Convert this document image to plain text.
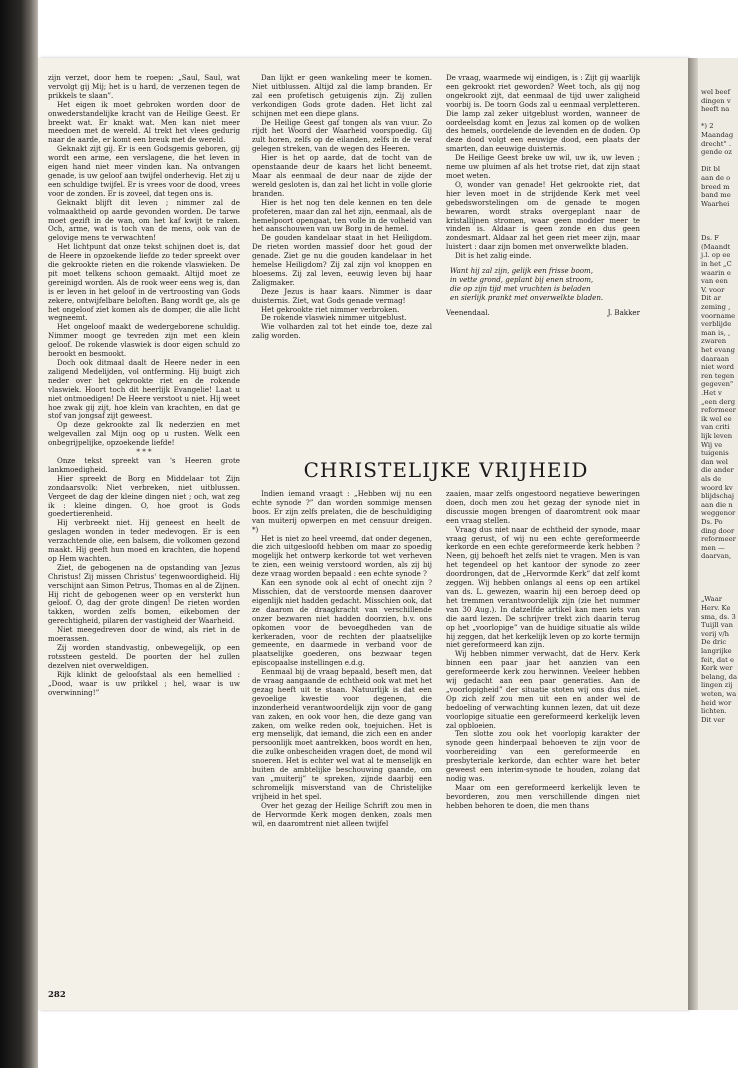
wel beef
dingen v
heeft na
*) 2
Maandag
drecht" .
gende oz
Dit bl
aan de o
breed m
band me
Waarhei
Ds. F
(Maandt
j.l. op ee
in het „C
waarin e
van een
V. voor
Dit ar
zeming ,
voorname
verblijde
man is, ,
zwaren
het evang
daaraan
niet word
ren tegen
gegeven"
.Het v
„een derg
reformeer
ik wel ee
van criti
lijk leven
Wij ve
tuigenis
dan wel
die ander
als de
woord kv
blijdschaj
aan die n
weggenor
Ds. Po
ding door
reformeer
men —
daarvan,
„Waar
Herv. Ke
sma, ds. 3
Tuijll van
verij v/h
De dric
langrijke
feit, dat e
Kerk wer
belang, da
lingen zij
weten, wa
heid wor
lichten.
Dit ver

zijn verzet, door hem te roepen: „Saul, Saul, wat vervolgt gij Mij; het is u hard, de verzenen tegen de prikkels te slaan”.

Het eigen ik moet gebroken worden door de onwederstandelijke kracht van de Heilige Geest. Er breekt wat. Er knakt wat. Men kan niet meer meedoen met de wereld. Al trekt het vlees gedurig naar de aarde, er komt een breuk met de wereld.

Geknakt zijt gij. Er is een Godsgemis geboren, gij wordt een arme, een verslagene, die het leven in eigen hand niet meer vinden kan. Na ontvangen genade, is uw geloof aan twijfel onderhevig. Het zij u een schuldige twijfel. Er is vrees voor de dood, vrees voor de zonden. Er is zoveel, dat tegen ons is.

Geknakt blijft dit leven ; nimmer zal de volmaaktheid op aarde gevonden worden. De tarwe moet gezift in de wan, om het kaf kwijt te raken. Och, arme, wat is toch van de mens, ook van de gelovige mens te verwachten!

Het lichtpunt dat onze tekst schijnen doet is, dat de Heere in opzoekende liefde zo teder spreekt over die gekrookte rieten en die rokende vlaswieken. De pit moet telkens schoon gemaakt. Altijd moet ze gereinigd worden. Als de rook weer eens weg is, dan is er leven in het geloof in de vertroosting van Gods zekere, ontwijfelbare beloften. Bang wordt ge, als ge het ongeloof ziet komen als de domper, die alle licht wegneemt.

Het ongeloof maakt de wedergeborene schuldig. Nimmer moogt ge tevreden zijn met een klein geloof. De rokende vlaswiek is door eigen schuld zo berookt en besmookt.

Doch ook ditmaal daalt de Heere neder in een zaligend Medelijden, vol ontferming. Hij buigt zich neder over het gekrookte riet en de rokende vlaswiek. Hoort toch dit heerlijk Evangelie! Laat u niet ontmoedigen! De Heere verstoot u niet. Hij weet hoe zwak gij zijt, hoe klein van krachten, en dat ge stof van jongsaf zijt geweest.

Op deze gekrookte zal Ik nederzien en met welgevallen zal Mijn oog op u rusten. Welk een onbegrijpelijke, opzoekende liefde!

* * *

Onze tekst spreekt van 's Heeren grote lankmoedigheid.

Hier spreekt de Borg en Middelaar tot Zijn zondaarsvolk: Niet verbreken, niet uitblussen. Vergeet de dag der kleine dingen niet ; och, wat zeg ik : kleine dingen. O, hoe groot is Gods goedertierenheid.

Hij verbreekt niet. Hij geneest en heelt de geslagen wonden in teder medevogen. Er is een verzachtende olie, een balsem, die volkomen gezond maakt. Hij geeft hun moed en krachten, die hopend op Hem wachten.

Ziet, de gebogenen na de opstanding van Jezus Christus! Zij missen Christus' tegenwoordigheid. Hij verschijnt aan Simon Petrus, Thomas en al de Zijnen. Hij richt de gebogenen weer op en versterkt hun geloof. O, dag der grote dingen! De rieten worden takken, worden zelfs bomen, eikebomen der gerechtigheid, pilaren der vastigheid der Waarheid.

Niet meegedreven door de wind, als riet in de moerassen.

Zij worden standvastig, onbewegelijk, op een rotssteen gesteld. De poorten der hel zullen dezelven niet overweldigen.

Rijk klinkt de geloofstaal als een hemellied : „Dood, waar is uw prikkel ; hel, waar is uw overwinning!”

Dan lijkt er geen wankeling meer te komen. Niet uitblussen. Altijd zal die lamp branden. Er zal een profetisch getuigenis zijn. Zij zullen verkondigen Gods grote daden. Het licht zal schijnen met een diepe glans.

De Heilige Geest gaf tongen als van vuur. Zo rijdt het Woord der Waarheid voorspoedig. Gij zult horen, zelfs op de eilanden, zelfs in de veraf gelegen streken, van de wegen des Heeren.

Hier is het op aarde, dat de tocht van de openstaande deur de kaars het licht beneemt. Maar als eenmaal de deur naar de zijde der wereld gesloten is, dan zal het licht in volle glorie branden.

Hier is het nog ten dele kennen en ten dele profeteren, maar dan zal het zijn, eenmaal, als de hemelpoort opengaat, ten volle in de volheid van het aanschouwen van uw Borg in de hemel.

De gouden kandelaar staat in het Heiligdom. De rieten worden massief door het goud der genade. Ziet ge nu die gouden kandelaar in het hemelse Heiligdom? Zij zal zijn vol knoppen en bloesems. Zij zal leven, eeuwig leven bij haar Zaligmaker.

Deze Jezus is haar kaars. Nimmer is daar duisternis. Ziet, wat Gods genade vermag!

Het gekrookte riet nimmer verbroken.

De rokende vlaswiek nimmer uitgeblust.

Wie volharden zal tot het einde toe, deze zal zalig worden.

De vraag, waarmede wij eindigen, is : Zijt gij waarlijk een gekrookt riet geworden? Weet toch, als gij nog ongekrookt zijt, dat eenmaal de tijd uwer zaligheid voorbij is. De toorn Gods zal u eenmaal verpletteren. Die lamp zal zeker uitgeblust worden, wanneer de oordeelsdag komt en Jezus zal komen op de wolken des hemels, oordelende de levenden en de doden. Op deze dood volgt een eeuwige dood, een plaats der smarten, dan eeuwige duisternis.

De Heilige Geest breke uw wil, uw ik, uw leven ; neme uw pluimen af als het trotse riet, dat zijn staat moet weten.

O, wonder van genade! Het gekrookte riet, dat hier leven moet in de strijdende Kerk met veel gebedsworstelingen om de genade te mogen bewaren, wordt straks overgeplant naar de kristallijnen stromen, waar geen modder meer te vinden is. Aldaar is geen zonde en dus geen zondesmart. Aldaar zal het geen riet meer zijn, maar luistert : daar zijn bomen met onverwelkte bladen.

Dit is het zalig einde.

Want hij zal zijn, gelijk een frisse boom,
in vette grond, geplant bij enen stroom,
die op zijn tijd met vruchten is beladen
en sierlijk prankt met onverwelkte bladen.

Veenendaal.	J. Bakker
CHRISTELIJKE VRIJHEID

Indien iemand vraagt : „Hebben wij nu een echte synode ?” dan worden sommige mensen boos. Er zijn zelfs prelaten, die de beschuldiging van muiterij opwerpen en met censuur dreigen. *)

Het is niet zo heel vreemd, dat onder degenen, die zich uitgesloofd hebben om maar zo spoedig mogelijk het ontwerp kerkorde tot wet verheven te zien, een weinig verstoord worden, als zij bij deze vraag worden bepaald : een echte synode ?

Kan een synode ook al echt of onecht zijn ? Misschien, dat de verstoorde mensen daarover eigenlijk niet hadden gedacht. Misschien ook, dat ze daarom de draagkracht van verschillende onzer bezwaren niet hadden doorzien, b.v. ons opkomen voor de bevoegdheden van de kerkeraden, voor de rechten der plaatselijke gemeente, en daarmede in verband voor de plaatselijke goederen, ons bezwaar tegen episcopaalse instellingen e.d.g.

Eenmaal bij de vraag bepaald, beseft men, dat de vraag aangaande de echtheid ook wat met het gezag heeft uit te staan. Natuurlijk is dat een gevoelige kwestie voor degenen, die inzonderheid verantwoordelijk zijn voor de gang van zaken, en ook voor hen, die deze gang van zaken, om welke reden ook, toejuichen. Het is erg menselijk, dat iemand, die zich een en ander persoonlijk moet aantrekken, boos wordt en hen, die zulke onbescheiden vragen doet, de mond wil snoeren. Het is echter wel wat al te menselijk en buiten de ambtelijke beschouwing gaande, om van „muiterij” te spreken, zijnde daarbij een schromelijk misverstand van de Christelijke vrijheid in het spel.

Over het gezag der Heilige Schrift zou men in de Hervormde Kerk mogen denken, zoals men wil, en daaromtrent niet alleen twijfel

zaaien, maar zelfs ongestoord negatieve beweringen doen, doch men zou het gezag der synode niet in discussie mogen brengen of daaromtrent ook maar een vraag stellen.

Vraag dus niet naar de echtheid der synode, maar vraag gerust, of wij nu een echte gereformeerde kerkorde en een echte gereformeerde kerk hebben ? Neen, gij behoeft het zelfs niet te vragen. Men is van het tegendeel op het kantoor der synode zo zeer doordrongen, dat de „Hervormde Kerk” dat zelf komt zeggen. Wij hebben onlangs al eens op een artikel van ds. L. gewezen, waarin hij een beroep deed op het tremmen verantwoordelijk zijn (zie het nummer van 30 Aug.). In datzelfde artikel kan men iets van die aard lezen. De schrijver trekt zich daarin terug op het „voorlopige” van de huidige situatie als wilde hij zeggen, dat het kerkelijk leven op zo korte termijn niet gereformeerd kan zijn.

Wij hebben nimmer verwacht, dat de Herv. Kerk binnen een paar jaar het aanzien van een gereformeerde kerk zou herwinnen. Veeleer hebben wij gedacht aan een paar generaties. Aan de „voorlopigheid” der situatie stoten wij ons dus niet. Op zich zelf zou men uit een en ander wel de bedoeling of verwachting kunnen lezen, dat uit deze voorlopige situatie een gereformeerd kerkelijk leven zal opbloeien.

Ten slotte zou ook het voorlopig karakter der synode geen hinderpaal behoeven te zijn voor de voorbereiding van een gereformeerde en presbyteriale kerkorde, dan echter ware het beter geweest een interim-synode te houden, zolang dat nodig was.

Maar om een gereformeerd kerkelijk leven te bevorderen, zou men verschillende dingen niet hebben behoren te doen, die men thans

282
